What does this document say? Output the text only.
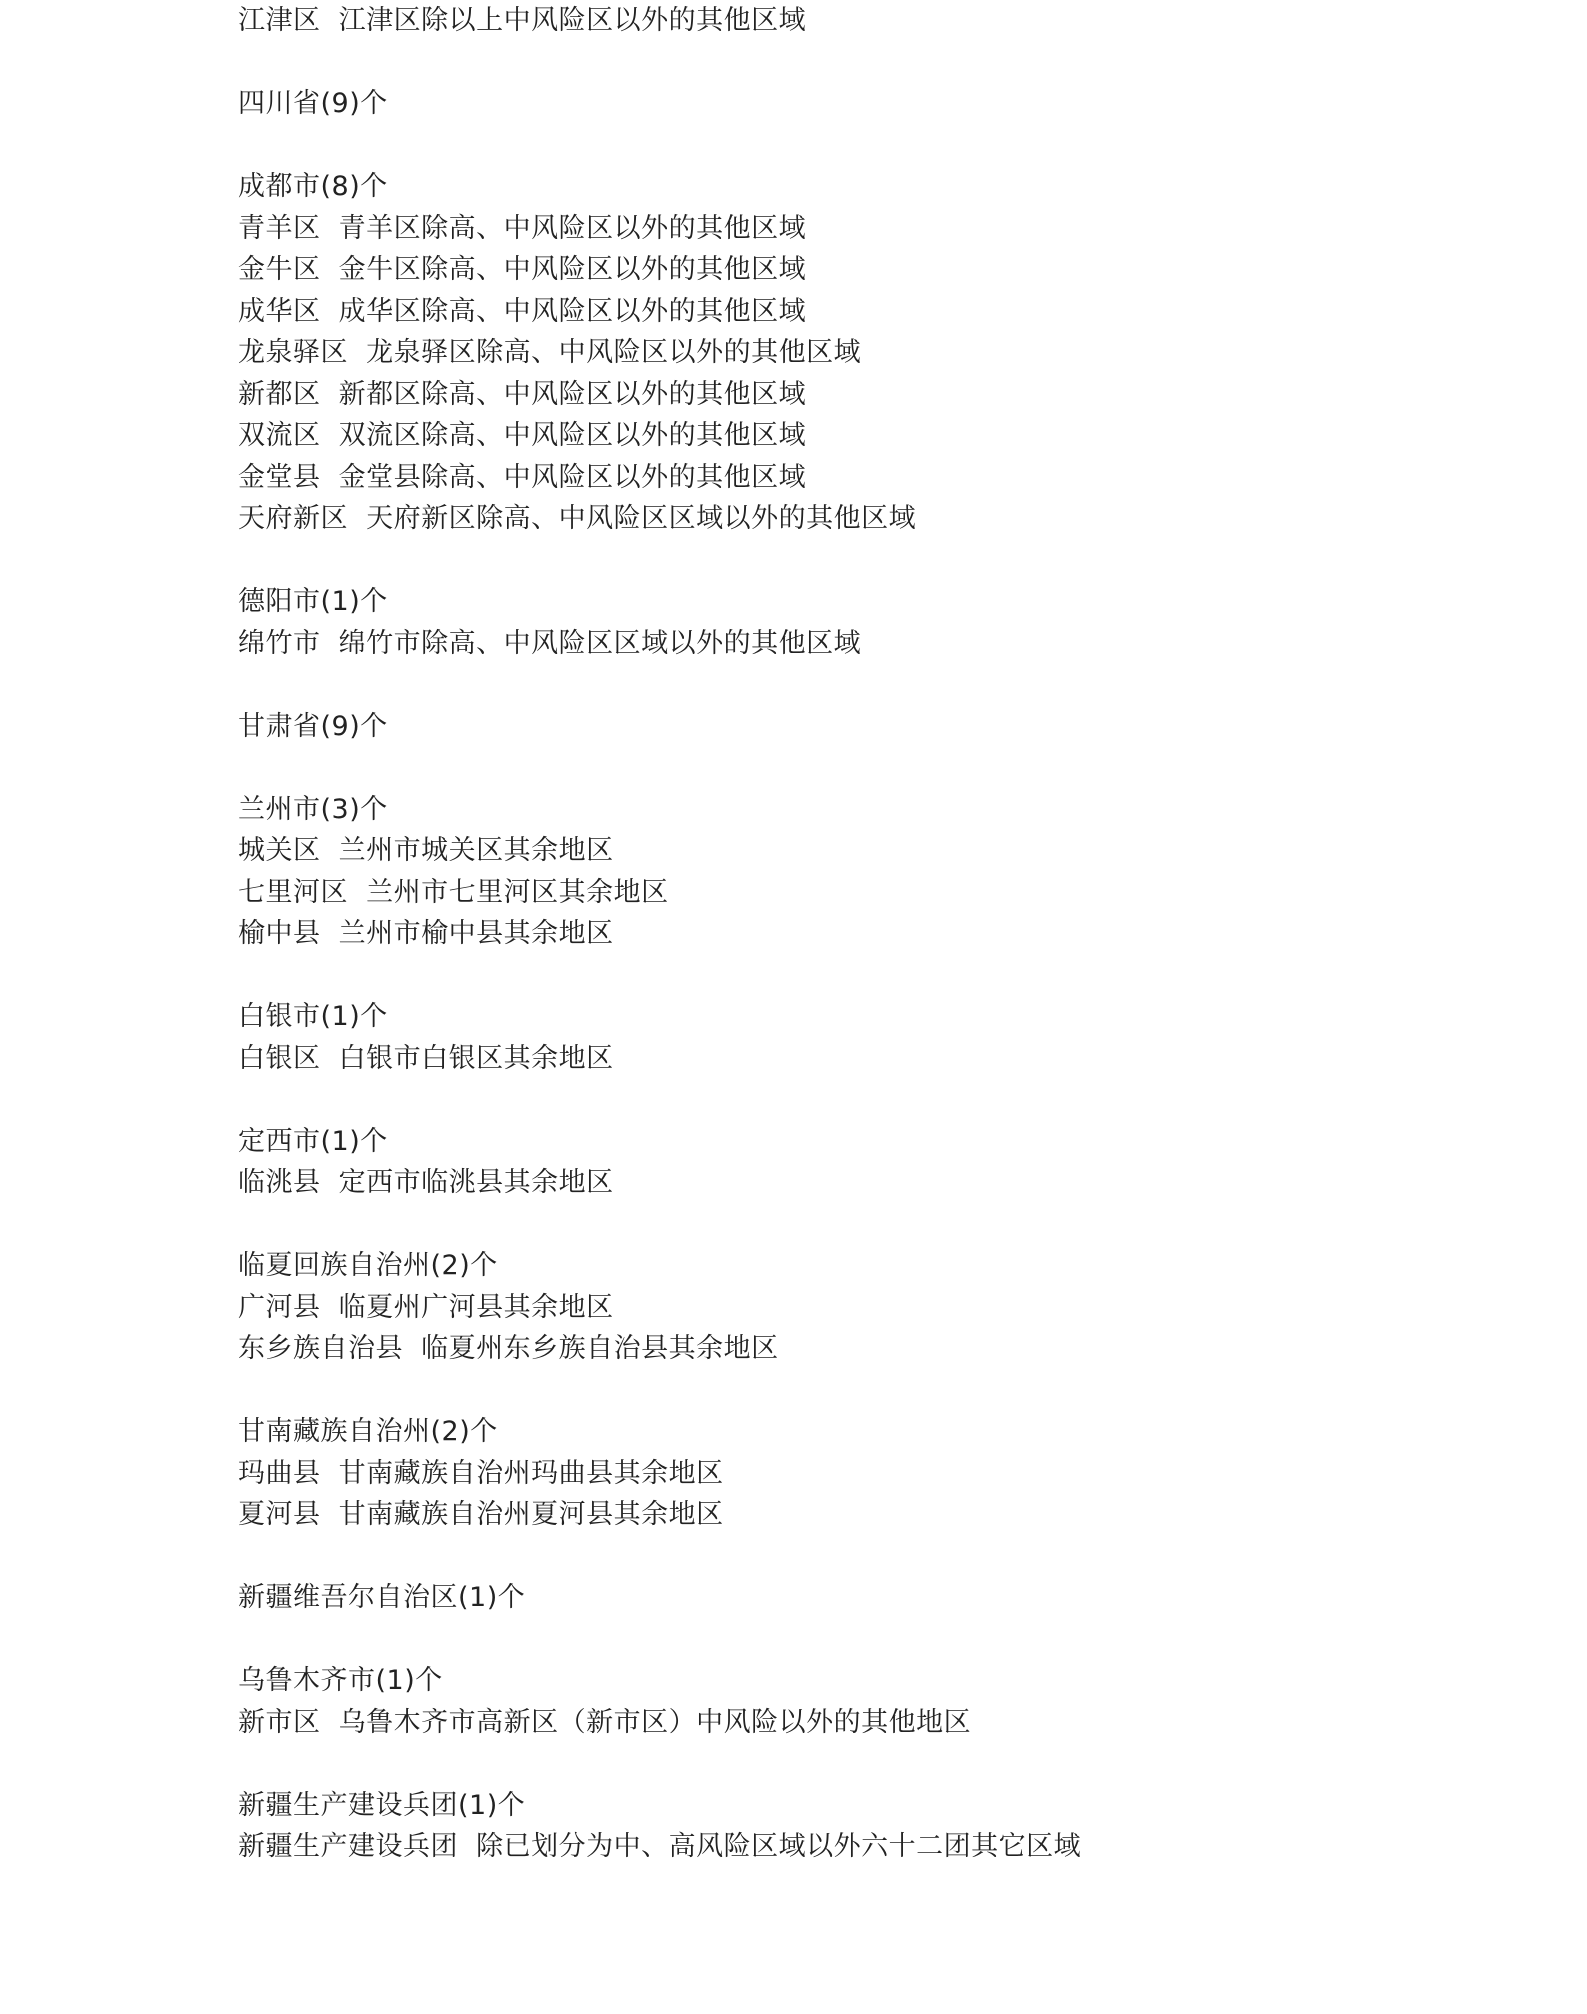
江津区  江津区除以上中风险区以外的其他区域
四川省(9)个
成都市(8)个
青羊区  青羊区除高、中风险区以外的其他区域
金牛区  金牛区除高、中风险区以外的其他区域
成华区  成华区除高、中风险区以外的其他区域
龙泉驿区  龙泉驿区除高、中风险区以外的其他区域
新都区  新都区除高、中风险区以外的其他区域
双流区  双流区除高、中风险区以外的其他区域
金堂县  金堂县除高、中风险区以外的其他区域
天府新区  天府新区除高、中风险区区域以外的其他区域
德阳市(1)个
绵竹市  绵竹市除高、中风险区区域以外的其他区域
甘肃省(9)个
兰州市(3)个
城关区  兰州市城关区其余地区
七里河区  兰州市七里河区其余地区
榆中县  兰州市榆中县其余地区
白银市(1)个
白银区  白银市白银区其余地区
定西市(1)个
临洮县  定西市临洮县其余地区
临夏回族自治州(2)个
广河县  临夏州广河县其余地区
东乡族自治县  临夏州东乡族自治县其余地区
甘南藏族自治州(2)个
玛曲县  甘南藏族自治州玛曲县其余地区
夏河县  甘南藏族自治州夏河县其余地区
新疆维吾尔自治区(1)个
乌鲁木齐市(1)个
新市区  乌鲁木齐市高新区（新市区）中风险以外的其他地区
新疆生产建设兵团(1)个
新疆生产建设兵团  除已划分为中、高风险区域以外六十二团其它区域
